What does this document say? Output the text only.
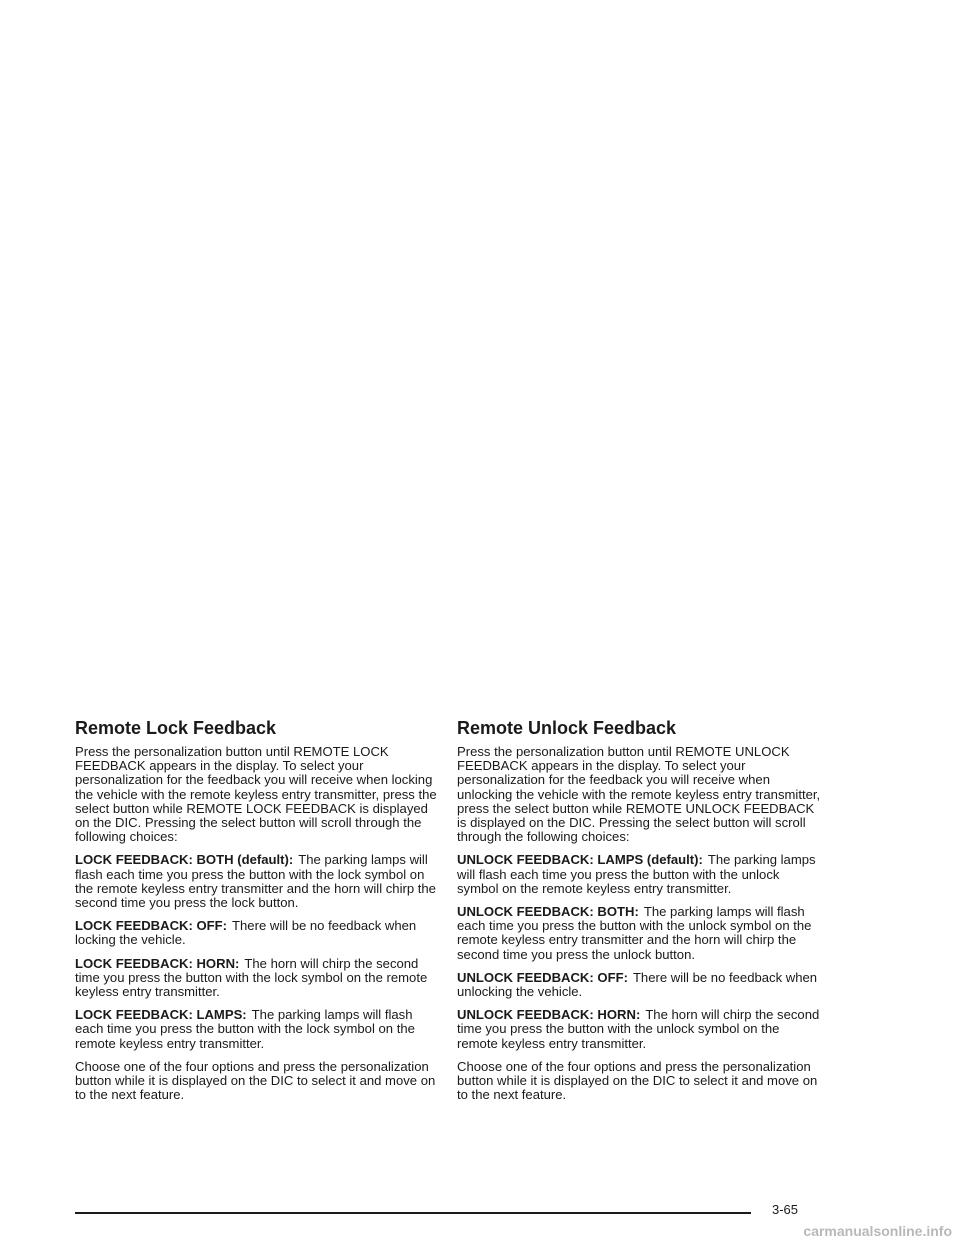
Remote Lock Feedback

Press the personalization button until REMOTE LOCK FEEDBACK appears in the display. To select your personalization for the feedback you will receive when locking the vehicle with the remote keyless entry transmitter, press the select button while REMOTE LOCK FEEDBACK is displayed on the DIC. Pressing the select button will scroll through the following choices:

LOCK FEEDBACK: BOTH (default): The parking lamps will flash each time you press the button with the lock symbol on the remote keyless entry transmitter and the horn will chirp the second time you press the lock button.

LOCK FEEDBACK: OFF: There will be no feedback when locking the vehicle.

LOCK FEEDBACK: HORN: The horn will chirp the second time you press the button with the lock symbol on the remote keyless entry transmitter.

LOCK FEEDBACK: LAMPS: The parking lamps will flash each time you press the button with the lock symbol on the remote keyless entry transmitter.

Choose one of the four options and press the personalization button while it is displayed on the DIC to select it and move on to the next feature.

Remote Unlock Feedback

Press the personalization button until REMOTE UNLOCK FEEDBACK appears in the display. To select your personalization for the feedback you will receive when unlocking the vehicle with the remote keyless entry transmitter, press the select button while REMOTE UNLOCK FEEDBACK is displayed on the DIC. Pressing the select button will scroll through the following choices:

UNLOCK FEEDBACK: LAMPS (default): The parking lamps will flash each time you press the button with the unlock symbol on the remote keyless entry transmitter.

UNLOCK FEEDBACK: BOTH: The parking lamps will flash each time you press the button with the unlock symbol on the remote keyless entry transmitter and the horn will chirp the second time you press the unlock button.

UNLOCK FEEDBACK: OFF: There will be no feedback when unlocking the vehicle.

UNLOCK FEEDBACK: HORN: The horn will chirp the second time you press the button with the unlock symbol on the remote keyless entry transmitter.

Choose one of the four options and press the personalization button while it is displayed on the DIC to select it and move on to the next feature.

3-65
carmanualsonline.info
